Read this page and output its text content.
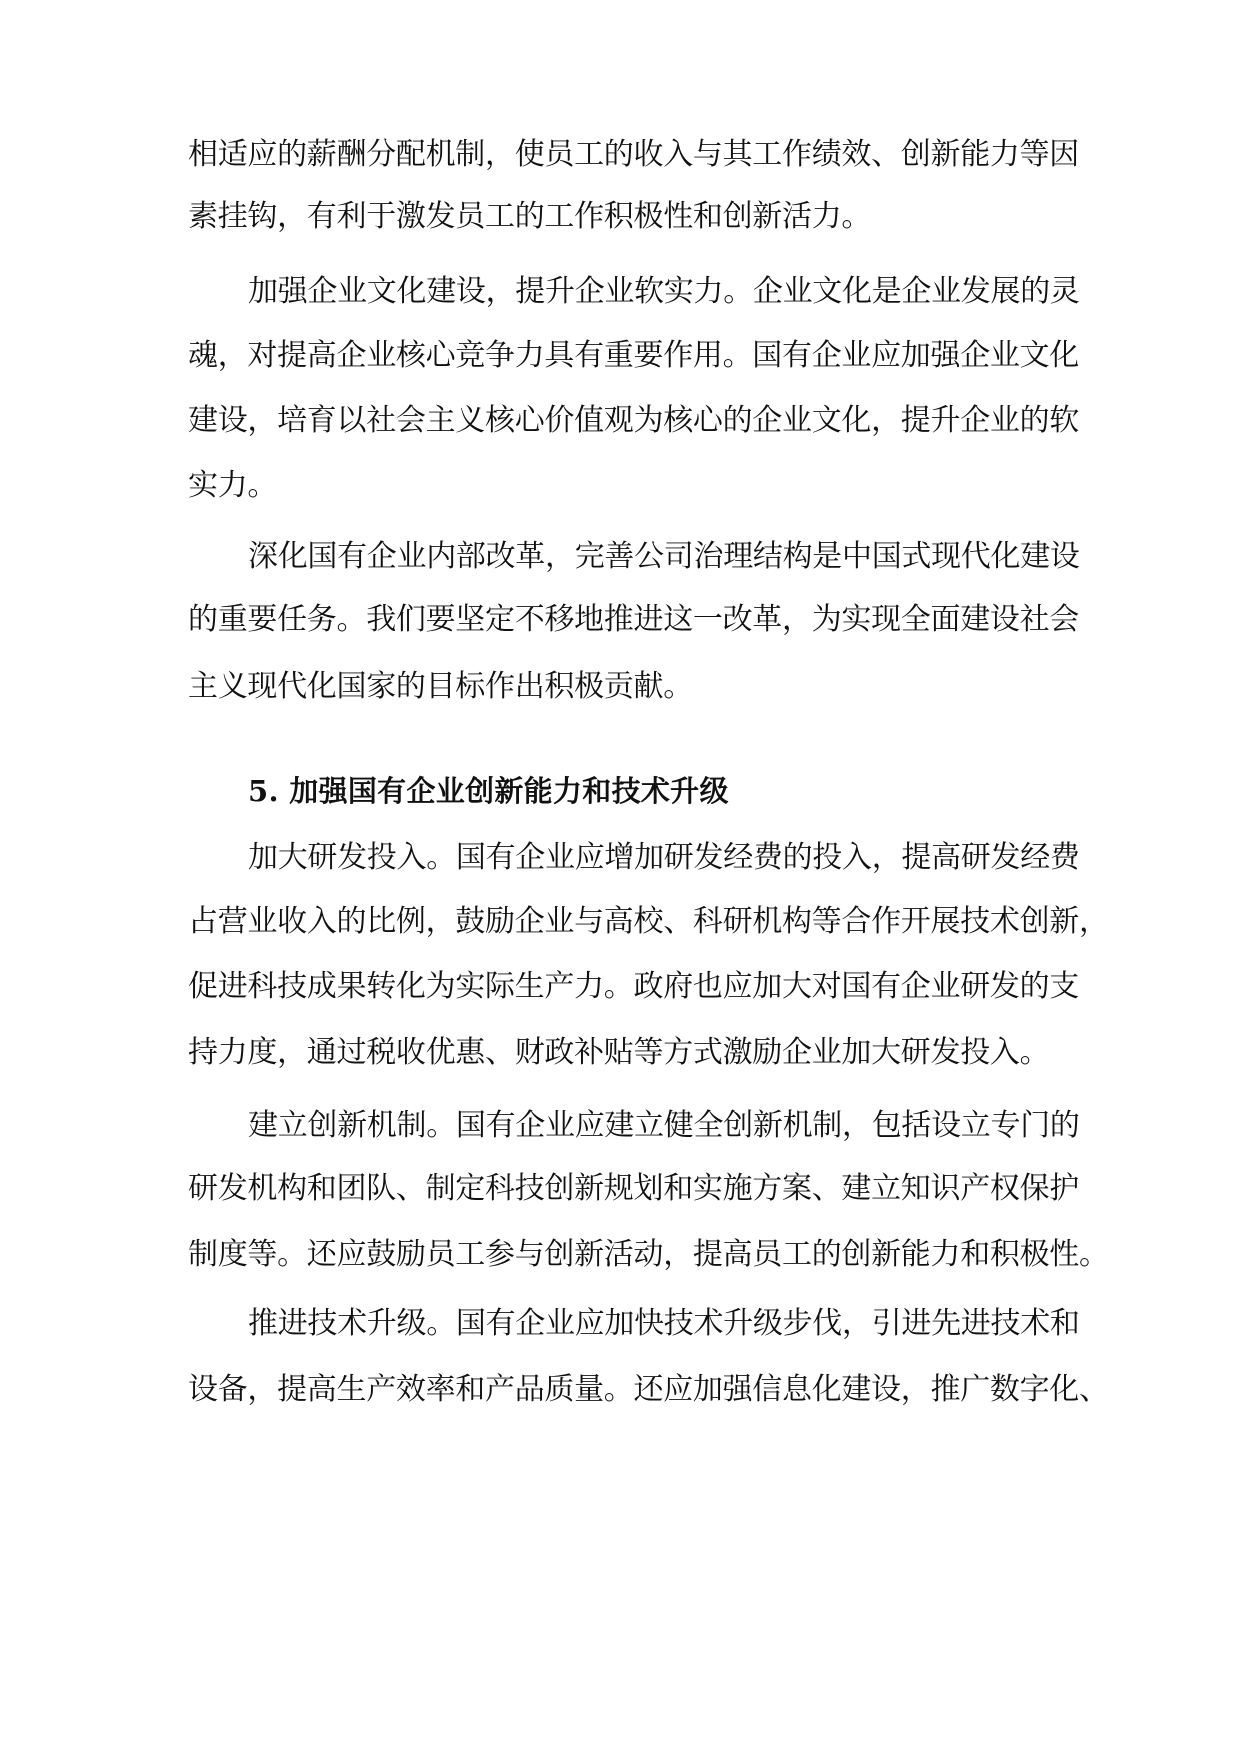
相适应的薪酬分配机制，使员工的收入与其工作绩效、创新能力等因
素挂钩，有利于激发员工的工作积极性和创新活力。
加强企业文化建设，提升企业软实力。企业文化是企业发展的灵
魂，对提高企业核心竞争力具有重要作用。国有企业应加强企业文化
建设，培育以社会主义核心价值观为核心的企业文化，提升企业的软
实力。
深化国有企业内部改革，完善公司治理结构是中国式现代化建设
的重要任务。我们要坚定不移地推进这一改革，为实现全面建设社会
主义现代化国家的目标作出积极贡献。
5. 加强国有企业创新能力和技术升级
加大研发投入。国有企业应增加研发经费的投入，提高研发经费
占营业收入的比例，鼓励企业与高校、科研机构等合作开展技术创新，
促进科技成果转化为实际生产力。政府也应加大对国有企业研发的支
持力度，通过税收优惠、财政补贴等方式激励企业加大研发投入。
建立创新机制。国有企业应建立健全创新机制，包括设立专门的
研发机构和团队、制定科技创新规划和实施方案、建立知识产权保护
制度等。还应鼓励员工参与创新活动，提高员工的创新能力和积极性。
推进技术升级。国有企业应加快技术升级步伐，引进先进技术和
设备，提高生产效率和产品质量。还应加强信息化建设，推广数字化、
